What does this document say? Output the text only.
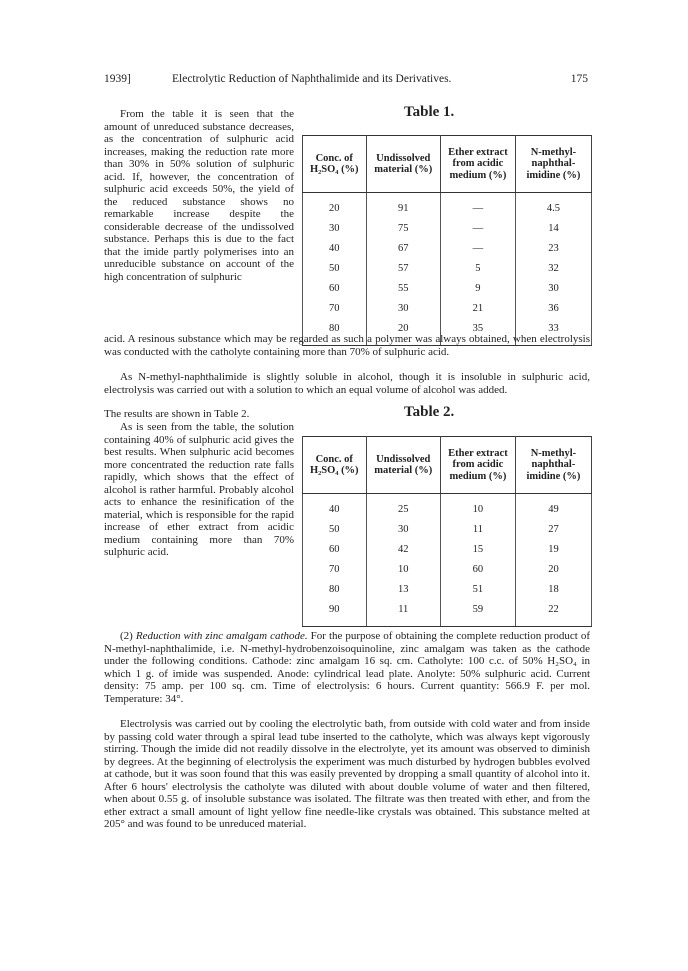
1939]	Electrolytic Reduction of Naphthalimide and its Derivatives.	175

From the table it is seen that the amount of unreduced substance decreases, as the concentration of sulphuric acid increases, making the reduction rate more than 30% in 50% solution of sulphuric acid. If, however, the concentration of sulphuric acid exceeds 50%, the yield of the reduced substance shows no remarkable increase despite the considerable decrease of the undissolved substance. Perhaps this is due to the fact that the imide partly polymerises into an unreducible substance on account of the high concentration of sulphuric

Table 1.
Conc. of H₂SO₄ (%)	Undissolved material (%)	Ether extract from acidic medium (%)	N-methyl-naphthal-imidine (%)
20	91	—	4.5
30	75	—	14
40	67	—	23
50	57	5	32
60	55	9	30
70	30	21	36
80	20	35	33

acid. A resinous substance which may be regarded as such a polymer was always obtained, when electrolysis was conducted with the catholyte containing more than 70% of sulphuric acid.

As N-methyl-naphthalimide is slightly soluble in alcohol, though it is insoluble in sulphuric acid, electrolysis was carried out with a solution to which an equal volume of alcohol was added.

The results are shown in Table 2.	Table 2.

As is seen from the table, the solution containing 40% of sulphuric acid gives the best results. When sulphuric acid becomes more concentrated the reduction rate falls rapidly, which shows that the effect of alcohol is rather harmful. Probably alcohol acts to enhance the resinification of the material, which is responsible for the rapid increase of ether extract from acidic medium containing more than 70% sulphuric acid.

Conc. of H₂SO₄ (%)	Undissolved material (%)	Ether extract from acidic medium (%)	N-methyl-naphthal-imidine (%)
40	25	10	49
50	30	11	27
60	42	15	19
70	10	60	20
80	13	51	18
90	11	59	22

(2) Reduction with zinc amalgam cathode. For the purpose of obtaining the complete reduction product of N-methyl-naphthalimide, i.e. N-methyl-hydrobenzoisoquinoline, zinc amalgam was taken as the cathode under the following conditions. Cathode: zinc amalgam 16 sq. cm. Catholyte: 100 c.c. of 50% H₂SO₄ in which 1 g. of imide was suspended. Anode: cylindrical lead plate. Anolyte: 50% sulphuric acid. Current density: 75 amp. per 100 sq. cm. Time of electrolysis: 6 hours. Current quantity: 566.9 F. per mol. Temperature: 34°.

Electrolysis was carried out by cooling the electrolytic bath, from outside with cold water and from inside by passing cold water through a spiral lead tube inserted to the catholyte, which was always kept vigorously stirring. Though the imide did not readily dissolve in the electrolyte, yet its amount was observed to diminish by degrees. At the beginning of electrolysis the experiment was much disturbed by hydrogen bubbles evolved at cathode, but it was soon found that this was easily prevented by dropping a small quantity of alcohol into it. After 6 hours' electrolysis the catholyte was diluted with about double volume of water and then filtered, when about 0.55 g. of insoluble substance was isolated. The filtrate was then treated with ether, and from the ether extract a small amount of light yellow fine needle-like crystals was obtained. This substance melted at 205° and was found to be unreduced material.
